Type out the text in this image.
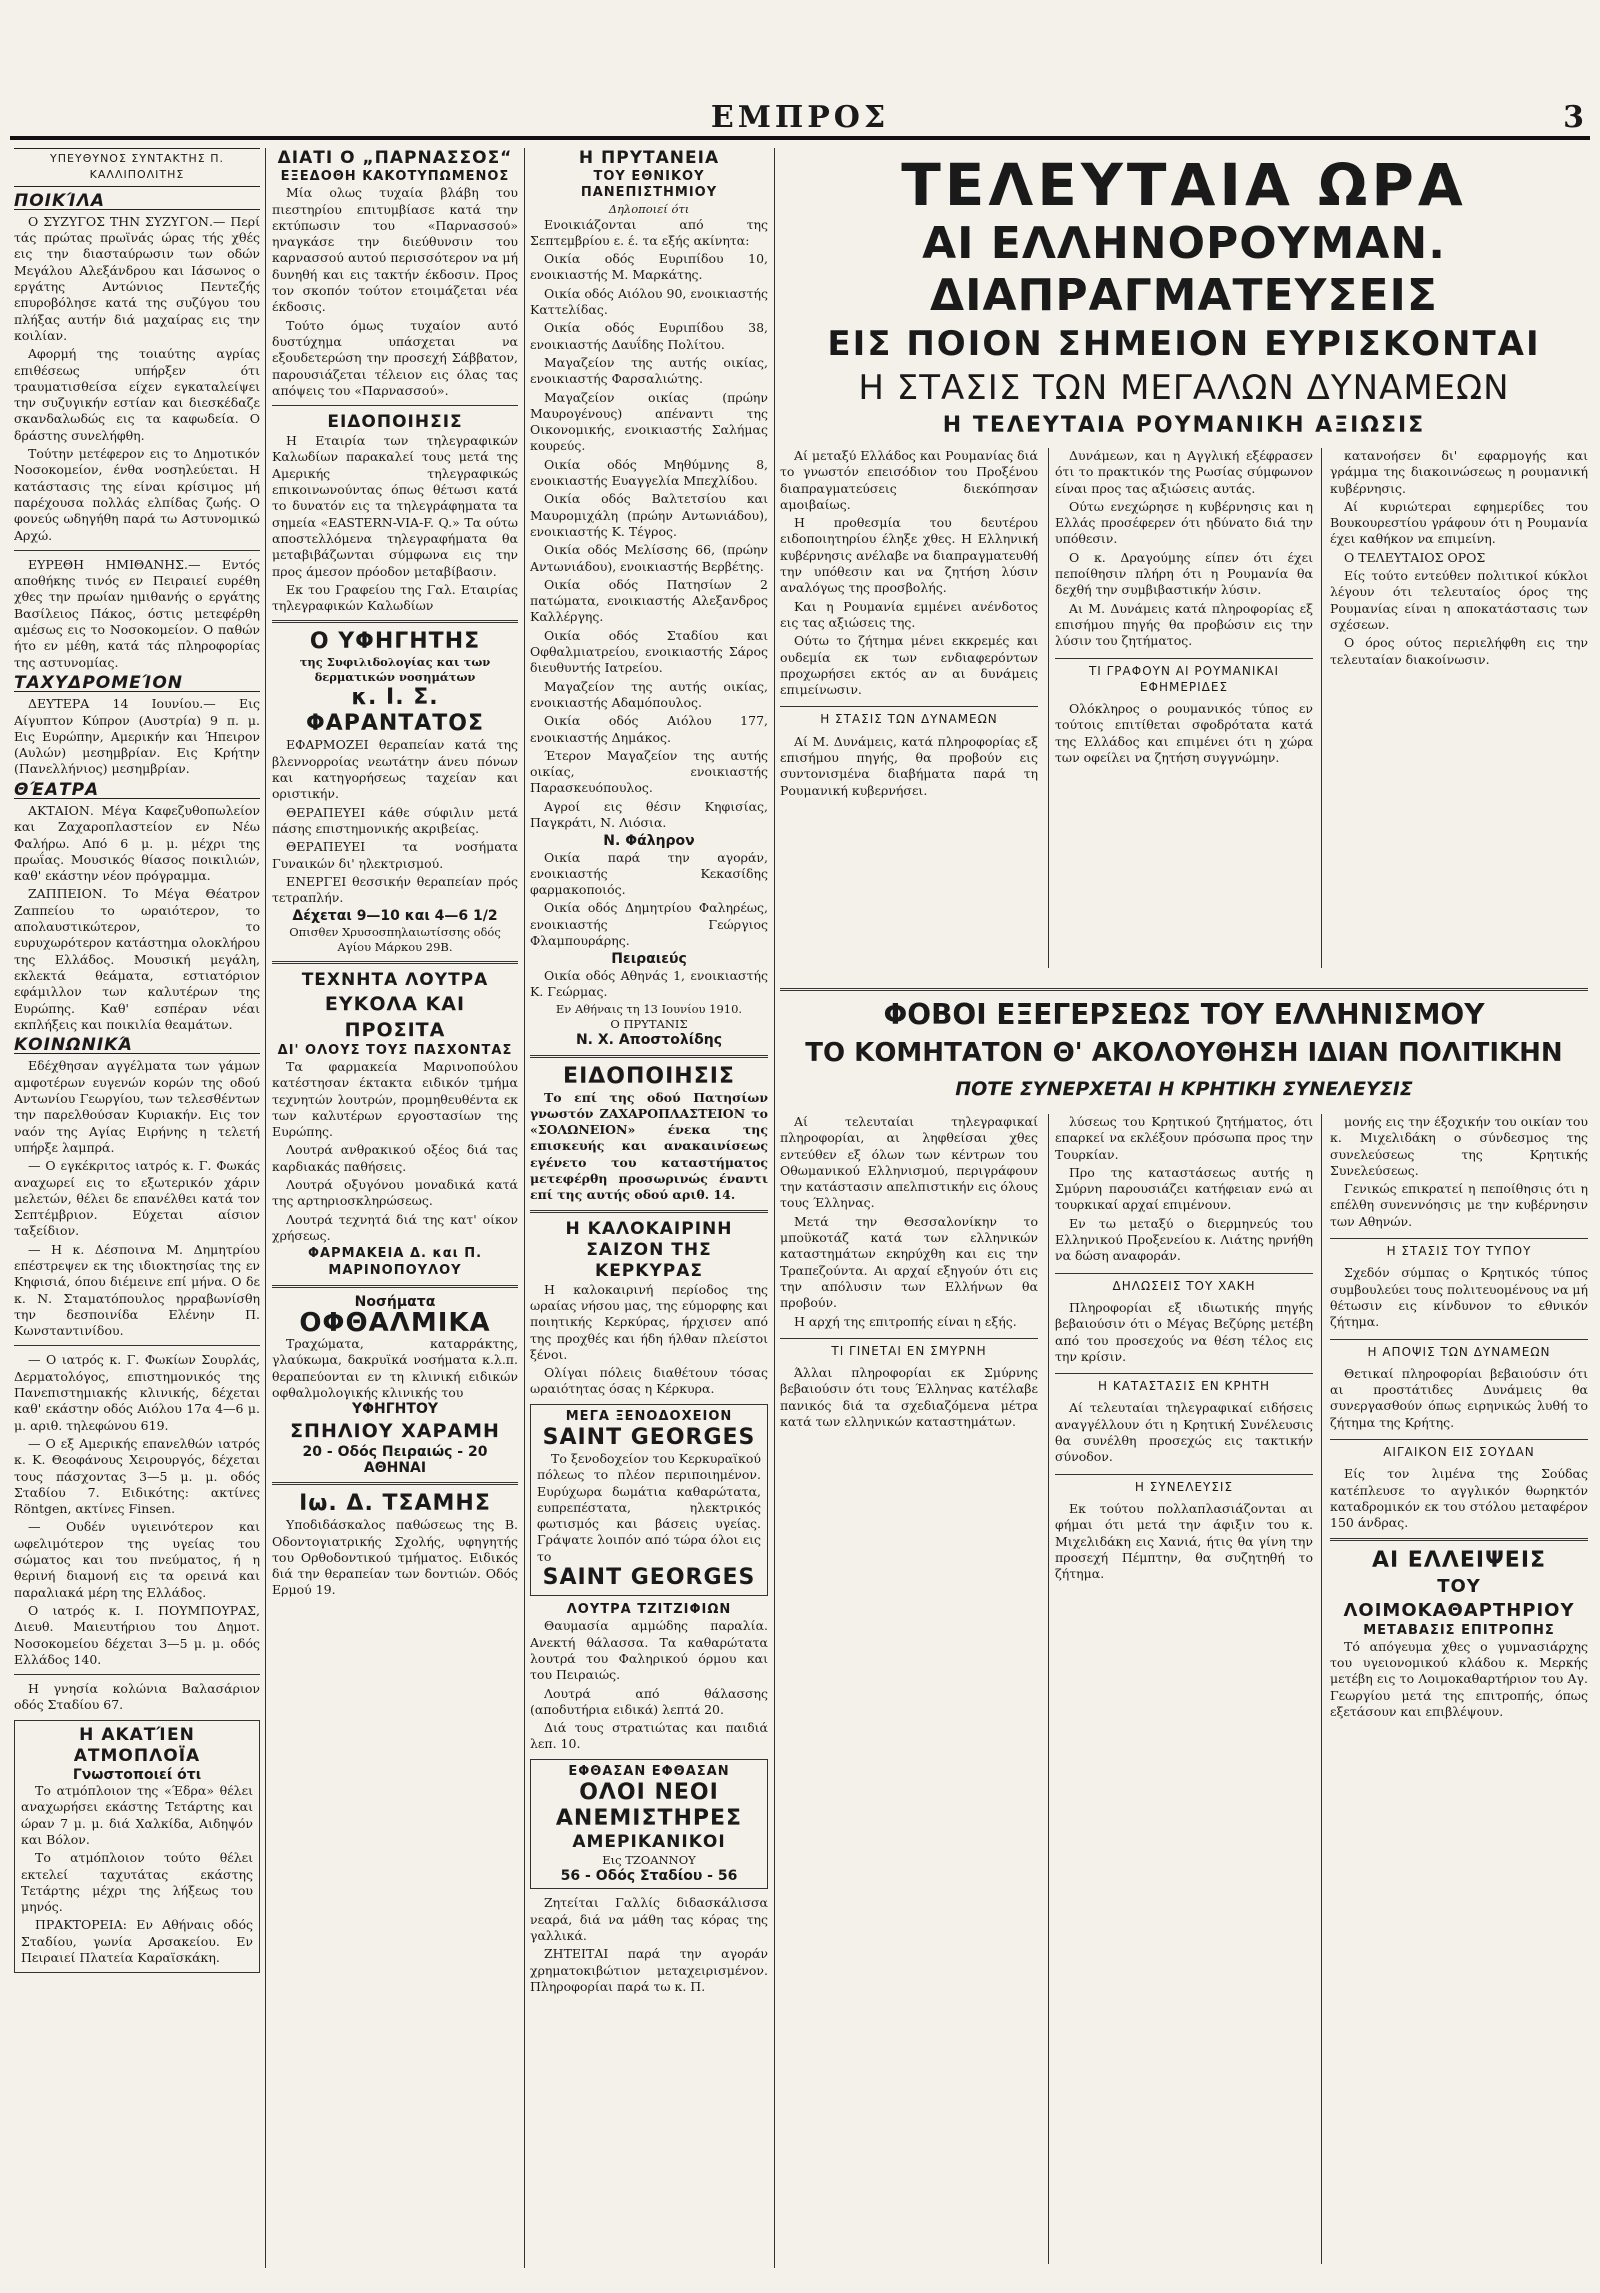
ΕΜΠΡΟΣ	3
ΥΠΕΥΘΥΝΟΣ ΣΥΝΤΑΚΤΗΣ Π. ΚΑΛΛΙΠΟΛΙΤΗΣ
ΠΟΙΚΊΛΑ

Ο ΣΥΖΥΓΟΣ ΤΗΝ ΣΥΖΥΓΟΝ.— Περί τάς πρώτας πρωϊνάς ώρας τής χθές εις την διασταύρωσιν των οδών Μεγάλου Αλεξάνδρου και Ιάσωνος ο εργάτης Αντώνιος Πεντεζής επυροβόλησε κατά της συζύγου του πλήξας αυτήν διά μαχαίρας εις την κοιλίαν.

Αφορμή της τοιαύτης αγρίας επιθέσεως υπήρξεν ότι τραυματισθείσα είχεν εγκαταλείψει την συζυγικήν εστίαν και διεσκέδαζε σκανδαλωδώς εις τα καφωδεία. Ο δράστης συνελήφθη.

Τούτην μετέφερον εις το Δημοτικόν Νοσοκομείον, ένθα νοσηλεύεται. Η κατάστασις της είναι κρίσιμος μή παρέχουσα πολλάς ελπίδας ζωής. Ο φονεύς ωδηγήθη παρά τω Αστυνομικώ Αρχώ.

ΕΥΡΕΘΗ ΗΜΙΘΑΝΗΣ.— Εντός αποθήκης τινός εν Πειραιεί ευρέθη χθες την πρωίαν ημιθανής ο εργάτης Βασίλειος Πάκος, όστις μετεφέρθη αμέσως εις το Νοσοκομείον. Ο παθών ήτο εν μέθη, κατά τάς πληροφορίας της αστυνομίας.

ΤΑΧΥΔΡΟΜΕΊΟΝ

ΔΕΥΤΕΡΑ 14 Ιουνίου.— Εις Αίγυπτον Κύπρον (Αυστρία) 9 π. μ. Εις Ευρώπην, Αμερικήν και Ήπειρον (Αυλών) μεσημβρίαν. Εις Κρήτην (Πανελλήνιος) μεσημβρίαν.

ΘΈΑΤΡΑ

ΑΚΤΑΙΟΝ. Μέγα Καφεζυθοπωλείον και Ζαχαροπλαστείον εν Νέω Φαλήρω. Από 6 μ. μ. μέχρι της πρωΐας. Μουσικός θίασος ποικιλιών, καθ' εκάστην νέον πρόγραμμα.

ΖΑΠΠΕΙΟΝ. Το Μέγα Θέατρον Ζαππείου το ωραιότερον, το απολαυστικώτερον, το ευρυχωρότερον κατάστημα ολοκλήρου της Ελλάδος. Μουσική μεγάλη, εκλεκτά θεάματα, εστιατόριον εφάμιλλον των καλυτέρων της Ευρώπης. Καθ' εσπέραν νέαι εκπλήξεις και ποικιλία θεαμάτων.

ΚΟΙΝΩΝΙΚΆ

Εδέχθησαν αγγέλματα των γάμων αμφοτέρων ευγενών κορών της οδού Αντωνίου Γεωργίου, των τελεσθέντων την παρελθούσαν Κυριακήν. Εις τον ναόν της Αγίας Ειρήνης η τελετή υπήρξε λαμπρά.

— Ο εγκέκριτος ιατρός κ. Γ. Φωκάς αναχωρεί εις το εξωτερικόν χάριν μελετών, θέλει δε επανέλθει κατά τον Σεπτέμβριον. Εύχεται αίσιον ταξείδιον.

— Η κ. Δέσποινα Μ. Δημητρίου επέστρεψεν εκ της ιδιοκτησίας της εν Κηφισιά, όπου διέμεινε επί μήνα. Ο δε κ. Ν. Σταματόπουλος ηρραβωνίσθη την δεσποινίδα Ελένην Π. Κωνσταντινίδου.

— Ο ιατρός κ. Γ. Φωκίων Σουρλάς, Δερματολόγος, επιστημονικός της Πανεπιστημιακής κλινικής, δέχεται καθ' εκάστην οδός Αιόλου 17α 4—6 μ. μ. αριθ. τηλεφώνου 619.

— Ο εξ Αμερικής επανελθών ιατρός κ. Κ. Θεοφάνους Χειρουργός, δέχεται τους πάσχοντας 3—5 μ. μ. οδός Σταδίου 7. Ειδικότης: ακτίνες Röntgen, ακτίνες Finsen.

— Ουδέν υγιεινότερον και ωφελιμότερον της υγείας του σώματος και του πνεύματος, ή η θερινή διαμονή εις τα ορεινά και παραλιακά μέρη της Ελλάδος.

Ο ιατρός κ. Ι. ΠΟΥΜΠΟΥΡΑΣ, Διευθ. Μαιευτήριου του Δημοτ. Νοσοκομείου δέχεται 3—5 μ. μ. οδός Ελλάδος 140.

Η γνησία κολώνια Βαλασάριον οδός Σταδίου 67.

Η ΑΚΑΤΊΕΝ ΑΤΜΟΠΛΟΪΑ
Γνωστοποιεί ότι

Το ατμόπλοιον της «Έδρα» θέλει αναχωρήσει εκάστης Τετάρτης και ώραν 7 μ. μ. διά Χαλκίδα, Αιδηψόν και Βόλον.

Το ατμόπλοιον τούτο θέλει εκτελεί ταχυτάτας εκάστης Τετάρτης μέχρι της λήξεως του μηνός.

ΠΡΑΚΤΟΡΕΙΑ: Εν Αθήναις οδός Σταδίου, γωνία Αρσακείου. Εν Πειραιεί Πλατεία Καραϊσκάκη.

ΔΙΑΤΙ Ο „ΠΑΡΝΑΣΣΟΣ“
ΕΞΕΔΟΘΗ ΚΑΚΟΤΥΠΩΜΕΝΟΣ

Μία ολως τυχαία βλάβη του πιεστηρίου επιτυμβίασε κατά την εκτύπωσιν του «Παρνασσού» ηναγκάσε την διεύθυνσιν του καρνασσού αυτού περισσότερον να μή δυνηθή και εις τακτήν έκδοσιν. Προς τον σκοπόν τούτον ετοιμάζεται νέα έκδοσις.

Τούτο όμως τυχαίον αυτό δυστύχημα υπάσχεται να εξουδετερώση την προσεχή Σάββατον, παρουσιάζεται τέλειον εις όλας τας απόψεις του «Παρνασσού».

ΕΙΔΟΠΟΙΗΣΙΣ

Η Εταιρία των τηλεγραφικών Καλωδίων παρακαλεί τους μετά της Αμερικής τηλεγραφικώς επικοινωνούντας όπως θέτωσι κατά το δυνατόν εις τα τηλεγράφηματα τα σημεία «EASTERN-VIA-F. Q.» Τα ούτω αποστελλόμενα τηλεγραφήματα θα μεταβιβάζωνται σύμφωνα εις την προς άμεσον πρόοδον μεταβίβασιν.

Εκ του Γραφείου της Γαλ. Εταιρίας τηλεγραφικών Καλωδίων

Ο ΥΦΗΓΗΤΗΣ
της Συφιλιδολογίας και των δερματικών νοσημάτων
κ. Ι. Σ. ΦΑΡΑΝΤΑΤΟΣ

ΕΦΑΡΜΟΖΕΙ θεραπείαν κατά της βλεννορροίας νεωτάτην άνευ πόνων και κατηγορήσεως ταχείαν και οριστικήν.

ΘΕΡΑΠΕΥΕΙ κάθε σύφιλιν μετά πάσης επιστημονικής ακριβείας.

ΘΕΡΑΠΕΥΕΙ τα νοσήματα Γυναικών δι' ηλεκτρισμού.

ΕΝΕΡΓΕΙ θεσσικήν θεραπείαν πρός τετραπλήν.

Δέχεται 9—10 και 4—6 1/2
Οπισθεν Χρυσοσπηλαιωτίσσης οδός Αγίου Μάρκου 29Β.
ΤΕΧΝΗΤΑ ΛΟΥΤΡΑ
ΕΥΚΟΛΑ ΚΑΙ ΠΡΟΣΙΤΑ
ΔΙ' ΟΛΟΥΣ ΤΟΥΣ ΠΑΣΧΟΝΤΑΣ

Τα φαρμακεία Μαρινοπούλου κατέστησαν έκτακτα ειδικόν τμήμα τεχνητών λουτρών, προμηθευθέντα εκ των καλυτέρων εργοστασίων της Ευρώπης.

Λουτρά ανθρακικού οξέος διά τας καρδιακάς παθήσεις.

Λουτρά οξυγόνου μοναδικά κατά της αρτηριοσκληρώσεως.

Λουτρά τεχνητά διά της κατ' οίκον χρήσεως.

ΦΑΡΜΑΚΕΙΑ Δ. και Π. ΜΑΡΙΝΟΠΟΥΛΟΥ
Νοσήματα
ΟΦΘΑΛΜΙΚΑ

Τραχώματα, καταρράκτης, γλαύκωμα, δακρυϊκά νοσήματα κ.λ.π. θεραπεύονται εν τη κλινική ειδικών οφθαλμολογικής κλινικής του

ΥΦΗΓΗΤΟΥ
ΣΠΗΛΙΟΥ ΧΑΡΑΜΗ
20 - Οδός Πειραιώς - 20
ΑΘΗΝΑΙ
Ιω. Δ. ΤΣΑΜΗΣ

Υποδιδάσκαλος παθώσεως της Β. Οδοντογιατρικής Σχολής, υφηγητής του Ορθοδοντικού τμήματος. Ειδικός διά την θεραπείαν των δοντιών. Οδός Ερμού 19.

Η ΠΡΥΤΑΝΕΙΑ
ΤΟΥ ΕΘΝΙΚΟΥ ΠΑΝΕΠΙΣΤΗΜΙΟΥ
Δηλοποιεί ότι

Ενοικιάζονται από της Σεπτεμβρίου ε. έ. τα εξής ακίνητα:

Οικία οδός Ευριπίδου 10, ενοικιαστής Μ. Μαρκάτης.

Οικία οδός Αιόλου 90, ενοικιαστής Καττελίδας.

Οικία οδός Ευριπίδου 38, ενοικιαστής Δαυΐδης Πολίτου.

Μαγαζείον της αυτής οικίας, ενοικιαστής Φαρσαλιώτης.

Μαγαζείον οικίας (πρώην Μαυρογένους) απέναντι της Οικονομικής, ενοικιαστής Σαλήμας κουρεύς.

Οικία οδός Μηθύμνης 8, ενοικιαστής Ευαγγελία Μπεχλίδου.

Οικία οδός Βαλτετσίου και Μαυρομιχάλη (πρώην Αντωνιάδου), ενοικιαστής Κ. Τέγρος.

Οικία οδός Μελίσσης 66, (πρώην Αντωνιάδου), ενοικιαστής Βερβέτης.

Οικία οδός Πατησίων 2 πατώματα, ενοικιαστής Αλεξανδρος Καλλέργης.

Οικία οδός Σταδίου και Οφθαλμιατρείου, ενοικιαστής Σάρος διευθυντής Ιατρείου.

Μαγαζείον της αυτής οικίας, ενοικιαστής Αδαμόπουλος.

Οικία οδός Αιόλου 177, ενοικιαστής Δημάκος.

Έτερον Μαγαζείον της αυτής οικίας, ενοικιαστής Παρασκευόπουλος.

Αγροί εις θέσιν Κηφισίας, Παγκράτι, Ν. Λιόσια.

Ν. Φάληρον

Οικία παρά την αγοράν, ενοικιαστής Κεκασίδης φαρμακοποιός.

Οικία οδός Δημητρίου Φαληρέως, ενοικιαστής Γεώργιος Φλαμπουράρης.

Πειραιεύς

Οικία οδός Αθηνάς 1, ενοικιαστής Κ. Γεώρμας.

Εν Αθήναις τη 13 Ιουνίου 1910.
Ο ΠΡΥΤΑΝΙΣ
Ν. Χ. Αποστολίδης
ΕΙΔΟΠΟΙΗΣΙΣ

Το επί της οδού Πατησίων γνωστόν ΖΑΧΑΡΟΠΛΑΣΤΕΙΟΝ το «ΣΟΛΩΝΕΙΟΝ» ένεκα της επισκευής και ανακαινίσεως εγένετο του καταστήματος μετεφέρθη προσωρινώς έναντι επί της αυτής οδού αριθ. 14.

Η ΚΑΛΟΚΑΙΡΙΝΗ
ΣΑΙΖΟΝ ΤΗΣ ΚΕΡΚΥΡΑΣ

Η καλοκαιρινή περίοδος της ωραίας νήσου μας, της εύμορφης και ποιητικής Κερκύρας, ήρχισεν από της προχθές και ήδη ήλθαν πλείστοι ξένοι.

Ολίγαι πόλεις διαθέτουν τόσας ωραιότητας όσας η Κέρκυρα.

ΜΕΓΑ ΞΕΝΟΔΟΧΕΙΟΝ
SAINT GEORGES

Το ξενοδοχείον του Κερκυραϊκού πόλεως το πλέον περιποιημένον. Ευρύχωρα δωμάτια καθαρώτατα, ευπρεπέστατα, ηλεκτρικός φωτισμός και βάσεις υγείας. Γράψατε λοιπόν από τώρα όλοι εις το

SAINT GEORGES
ΛΟΥΤΡΑ ΤΖΙΤΖΙΦΙΩΝ

Θαυμασία αμμώδης παραλία. Ανεκτή θάλασσα. Τα καθαρώτατα λουτρά του Φαληρικού όρμου και του Πειραιώς.

Λουτρά από θάλασσης (αποδυτήρια ειδικά) λεπτά 20.

Διά τους στρατιώτας και παιδιά λεπ. 10.

ΕΦΘΑΣΑΝ ΕΦΘΑΣΑΝ
ΟΛΟΙ ΝΕΟΙ ΑΝΕΜΙΣΤΗΡΕΣ
ΑΜΕΡΙΚΑΝΙΚΟΙ
Εις ΤΖΟΑΝΝΟΥ
56 - Οδός Σταδίου - 56

Ζητείται Γαλλίς διδασκάλισσα νεαρά, διά να μάθη τας κόρας της γαλλικά.

ΖΗΤΕΙΤΑΙ παρά την αγοράν χρηματοκιβώτιον μεταχειρισμένον. Πληροφορίαι παρά τω κ. Π.

ΤΕΛΕΥΤΑΙΑ ΩΡΑ
ΑΙ ΕΛΛΗΝΟΡΟΥΜΑΝ. ΔΙΑΠΡΑΓΜΑΤΕΥΣΕΙΣ
ΕΙΣ ΠΟΙΟΝ ΣΗΜΕΙΟΝ ΕΥΡΙΣΚΟΝΤΑΙ
Η ΣΤΑΣΙΣ ΤΩΝ ΜΕΓΑΛΩΝ ΔΥΝΑΜΕΩΝ
Η ΤΕΛΕΥΤΑΙΑ ΡΟΥΜΑΝΙΚΗ ΑΞΙΩΣΙΣ

Αί μεταξύ Ελλάδος και Ρουμανίας διά το γνωστόν επεισόδιον του Προξένου διαπραγματεύσεις διεκόπησαν αμοιβαίως.

Η προθεσμία του δευτέρου ειδοποιητηρίου έληξε χθες. Η Ελληνική κυβέρνησις ανέλαβε να διαπραγματευθή την υπόθεσιν και να ζητήση λύσιν αναλόγως της προσβολής.

Και η Ρουμανία εμμένει ανένδοτος εις τας αξιώσεις της.

Ούτω το ζήτημα μένει εκκρεμές και ουδεμία εκ των ενδιαφερόντων προχωρήσει εκτός αν αι δυνάμεις επιμείνωσιν.

Η ΣΤΑΣΙΣ ΤΩΝ ΔΥΝΑΜΕΩΝ

Αί Μ. Δυνάμεις, κατά πληροφορίας εξ επισήμου πηγής, θα προβούν εις συντονισμένα διαβήματα παρά τη Ρουμανική κυβερνήσει.

Δυνάμεων, και η Αγγλική εξέφρασεν ότι το πρακτικόν της Ρωσίας σύμφωνον είναι προς τας αξιώσεις αυτάς.

Ούτω ενεχώρησε η κυβέρνησις και η Ελλάς προσέφερεν ότι ηδύνατο διά την υπόθεσιν.

Ο κ. Δραγούμης είπεν ότι έχει πεποίθησιν πλήρη ότι η Ρουμανία θα δεχθή την συμβιβαστικήν λύσιν.

Αι Μ. Δυνάμεις κατά πληροφορίας εξ επισήμου πηγής θα προβώσιν εις την λύσιν του ζητήματος.

ΤΙ ΓΡΑΦΟΥΝ ΑΙ ΡΟΥΜΑΝΙΚΑΙ ΕΦΗΜΕΡΙΔΕΣ

Ολόκληρος ο ρουμανικός τύπος εν τούτοις επιτίθεται σφοδρότατα κατά της Ελλάδος και επιμένει ότι η χώρα των οφείλει να ζητήση συγγνώμην.

κατανοήσεν δι' εφαρμογής και γράμμα της διακοινώσεως η ρουμανική κυβέρνησις.

Αί κυριώτεραι εφημερίδες του Βουκουρεστίου γράφουν ότι η Ρουμανία έχει καθήκον να επιμείνη.

Ο ΤΕΛΕΥΤΑΙΟΣ ΟΡΟΣ

Είς τούτο εντεύθεν πολιτικοί κύκλοι λέγουν ότι τελευταίος όρος της Ρουμανίας είναι η αποκατάστασις των σχέσεων.

Ο όρος ούτος περιελήφθη εις την τελευταίαν διακοίνωσιν.

ΦΟΒΟΙ ΕΞΕΓΕΡΣΕΩΣ ΤΟΥ ΕΛΛΗΝΙΣΜΟΥ
ΤΟ ΚΟΜΗΤΑΤΟΝ Θ' ΑΚΟΛΟΥΘΗΣΗ ΙΔΙΑΝ ΠΟΛΙΤΙΚΗΝ
ΠΟΤΕ ΣΥΝΕΡΧΕΤΑΙ Η ΚΡΗΤΙΚΗ ΣΥΝΕΛΕΥΣΙΣ

Αί τελευταίαι τηλεγραφικαί πληροφορίαι, αι ληφθείσαι χθες εντεύθεν εξ όλων των κέντρων του Οθωμανικού Ελληνισμού, περιγράφουν την κατάστασιν απελπιστικήν εις όλους τους Έλληνας.

Μετά την Θεσσαλονίκην το μποϋκοτάζ κατά των ελληνικών καταστημάτων εκηρύχθη και εις την Τραπεζούντα. Αι αρχαί εξηγούν ότι εις την απόλυσιν των Ελλήνων θα προβούν.

Η αρχή της επιτροπής είναι η εξής.

ΤΙ ΓΙΝΕΤΑΙ ΕΝ ΣΜΥΡΝΗ

Άλλαι πληροφορίαι εκ Σμύρνης βεβαιούσιν ότι τους Έλληνας κατέλαβε πανικός διά τα σχεδιαζόμενα μέτρα κατά των ελληνικών καταστημάτων.

λύσεως του Κρητικού ζητήματος, ότι επαρκεί να εκλέξουν πρόσωπα προς την Τουρκίαν.

Προ της καταστάσεως αυτής η Σμύρνη παρουσιάζει κατήφειαν ενώ αι τουρκικαί αρχαί επιμένουν.

Εν τω μεταξύ ο διερμηνεύς του Ελληνικού Προξενείου κ. Λιάτης ηρνήθη να δώση αναφοράν.

ΔΗΛΩΣΕΙΣ ΤΟΥ ΧΑΚΗ

Πληροφορίαι εξ ιδιωτικής πηγής βεβαιούσιν ότι ο Μέγας Βεζύρης μετέβη από του προσεχούς να θέση τέλος εις την κρίσιν.

Η ΚΑΤΑΣΤΑΣΙΣ ΕΝ ΚΡΗΤΗ

Αί τελευταίαι τηλεγραφικαί ειδήσεις αναγγέλλουν ότι η Κρητική Συνέλευσις θα συνέλθη προσεχώς εις τακτικήν σύνοδον.

Η ΣΥΝΕΛΕΥΣΙΣ

Εκ τούτου πολλαπλασιάζονται αι φήμαι ότι μετά την άφιξιν του κ. Μιχελιδάκη εις Χανιά, ήτις θα γίνη την προσεχή Πέμπτην, θα συζητηθή το ζήτημα.

μονής εις την έξοχικήν του οικίαν του κ. Μιχελιδάκη ο σύνδεσμος της συνελεύσεως της Κρητικής Συνελεύσεως.

Γενικώς επικρατεί η πεποίθησις ότι η επέλθη συνεννόησις με την κυβέρνησιν των Αθηνών.

Η ΣΤΑΣΙΣ ΤΟΥ ΤΥΠΟΥ

Σχεδόν σύμπας ο Κρητικός τύπος συμβουλεύει τους πολιτευομένους να μή θέτωσιν εις κίνδυνον το εθνικόν ζήτημα.

Η ΑΠΟΨΙΣ ΤΩΝ ΔΥΝΑΜΕΩΝ

Θετικαί πληροφορίαι βεβαιούσιν ότι αι προστάτιδες Δυνάμεις θα συνεργασθούν όπως ειρηνικώς λυθή το ζήτημα της Κρήτης.

ΑΙΓΑΙΚΟΝ ΕΙΣ ΣΟΥΔΑΝ

Είς τον λιμένα της Σούδας κατέπλευσε το αγγλικόν θωρηκτόν καταδρομικόν εκ του στόλου μεταφέρον 150 άνδρας.

ΑΙ ΕΛΛΕΙΨΕΙΣ
ΤΟΥ ΛΟΙΜΟΚΑΘΑΡΤΗΡΙΟΥ
ΜΕΤΑΒΑΣΙΣ ΕΠΙΤΡΟΠΗΣ

Τό απόγευμα χθες ο γυμνασιάρχης του υγειονομικού κλάδου κ. Μερκής μετέβη εις το Λοιμοκαθαρτήριον του Αγ. Γεωργίου μετά της επιτροπής, όπως εξετάσουν και επιβλέψουν.
